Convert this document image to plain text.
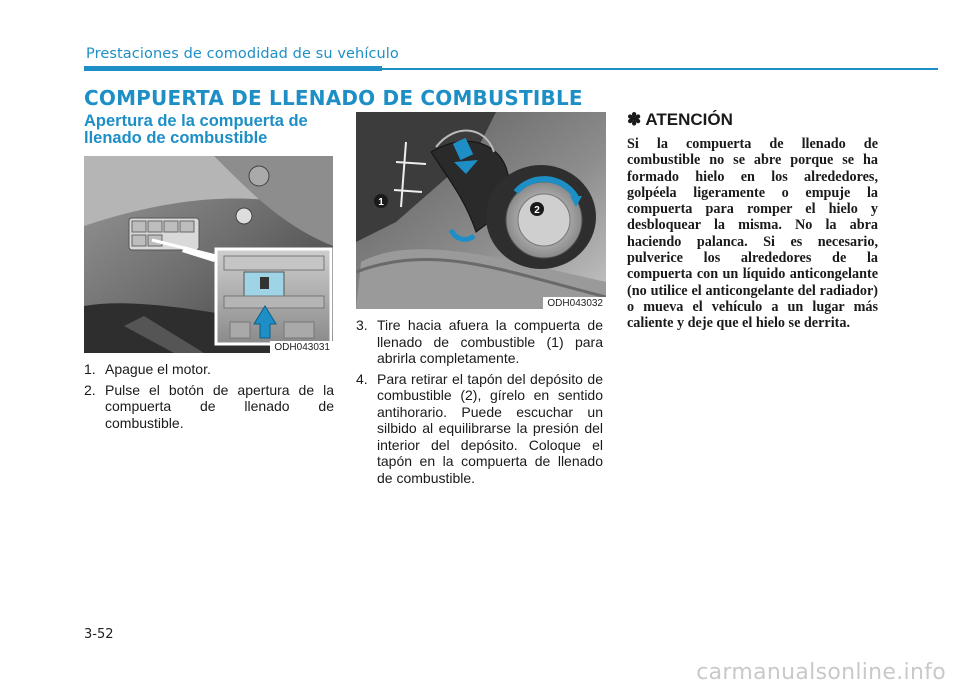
Prestaciones de comodidad de su vehículo
COMPUERTA DE LLENADO DE COMBUSTIBLE
Apertura de la compuerta de llenado de combustible
ODH043031
1. Apague el motor.
2. Pulse el botón de apertura de la compuerta de llenado de combustible.
1
2
ODH043032
3. Tire hacia afuera la compuerta de llenado de combustible (1) para abrirla completamente.
4. Para retirar el tapón del depósito de combustible (2), gírelo en sentido antihorario. Puede escuchar un silbido al equilibrarse la presión del interior del depósito. Coloque el tapón en la compuerta de llenado de combustible.
✽ ATENCIÓN
Si la compuerta de llenado de combustible no se abre porque se ha formado hielo en los alrededores, golpéela ligeramente o empuje la compuerta para romper el hielo y desbloquear la misma. No la abra haciendo palanca. Si es necesario, pulverice los alrededores de la compuerta con un líquido anticongelante (no utilice el anticongelante del radiador) o mueva el vehículo a un lugar más caliente y deje que el hielo se derrita.
3-52
carmanualsonline.info
